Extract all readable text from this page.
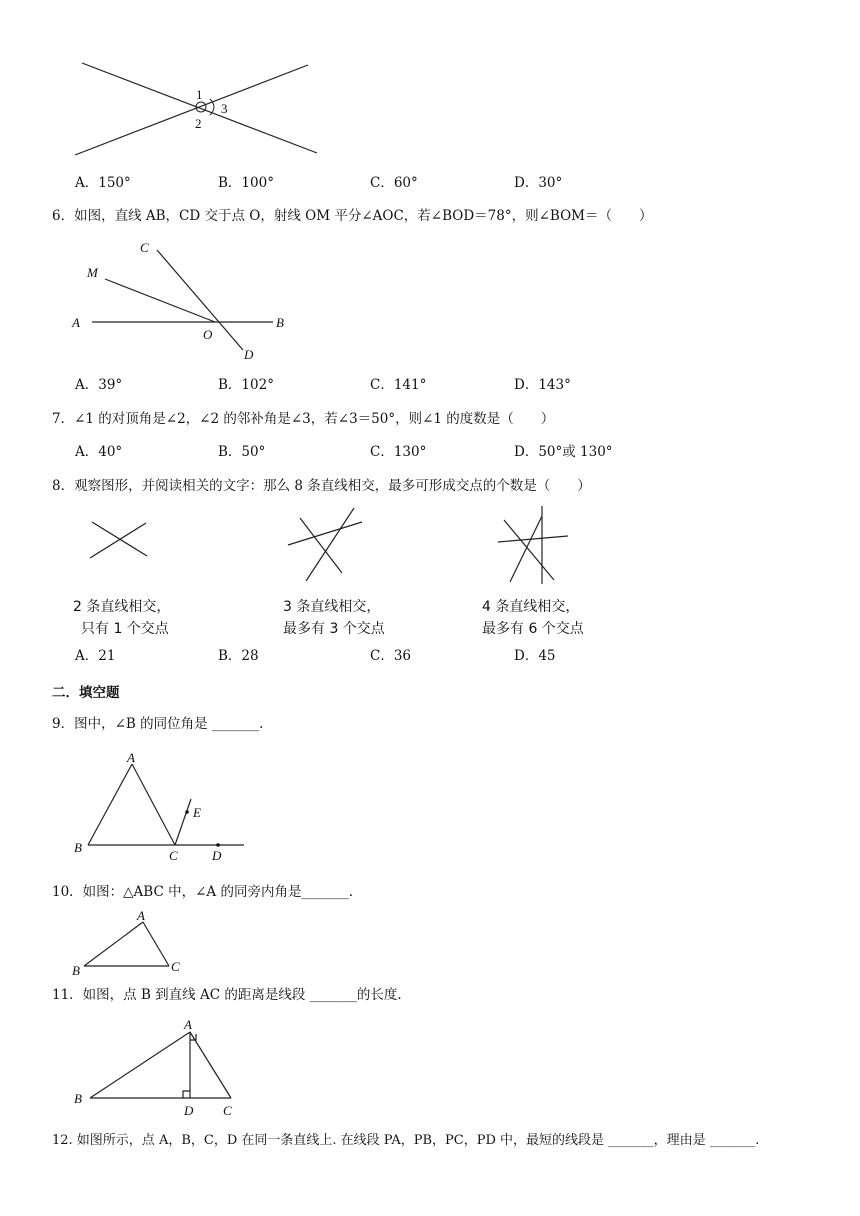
1
2
3
A．150°	B．100°	C．60°	D．30°
6．如图，直线 AB，CD 交于点 O，射线 OM 平分∠AOC，若∠BOD＝78°，则∠BOM＝（　　）
C
M
A
O
B
D
A．39°	B．102°	C．141°	D．143°
7．∠1 的对顶角是∠2，∠2 的邻补角是∠3，若∠3＝50°，则∠1 的度数是（　　）
A．40°	B．50°	C．130°	D．50°或 130°
8．观察图形，并阅读相关的文字：那么 8 条直线相交，最多可形成交点的个数是（　　）
2 条直线相交，
只有 1 个交点
3 条直线相交，
最多有 3 个交点
4 条直线相交，
最多有 6 个交点
A．21	B．28	C．36	D．45
二．填空题
9．图中，∠B 的同位角是 _______.
A
E
B
C	D
10．如图：△ABC 中，∠A 的同旁内角是_______.
A
B	C
11．如图，点 B 到直线 AC 的距离是线段 _______的长度.
A
B
D C
12. 如图所示，点 A，B，C，D 在同一条直线上. 在线段 PA，PB，PC，PD 中，最短的线段是 _______，理由是 _______.
